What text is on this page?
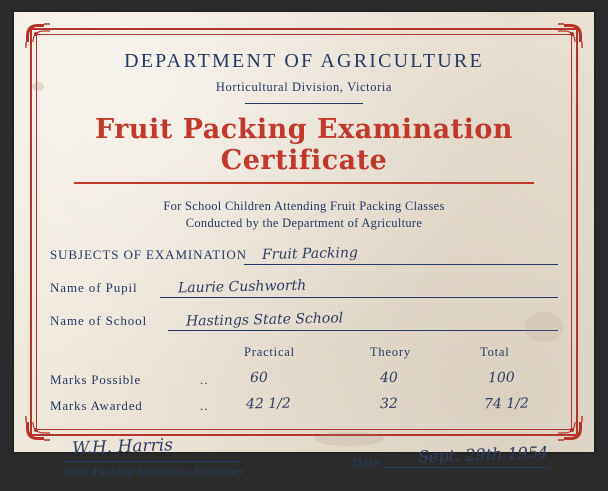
DEPARTMENT OF AGRICULTURE
Horticultural Division, Victoria
Fruit Packing Examination Certificate
For School Children Attending Fruit Packing Classes
Conducted by the Department of Agriculture
SUBJECTS OF EXAMINATION Fruit Packing
Name of Pupil	Laurie Cushworth
Name of School	Hastings State School
Practical	Theory	Total
Marks Possible	..	60	40	100
Marks Awarded	..	42 1/2	32	74 1/2
W.H. Harris
Fruit Packing Instructor, Examiner
Date Sept. 29th 1954
